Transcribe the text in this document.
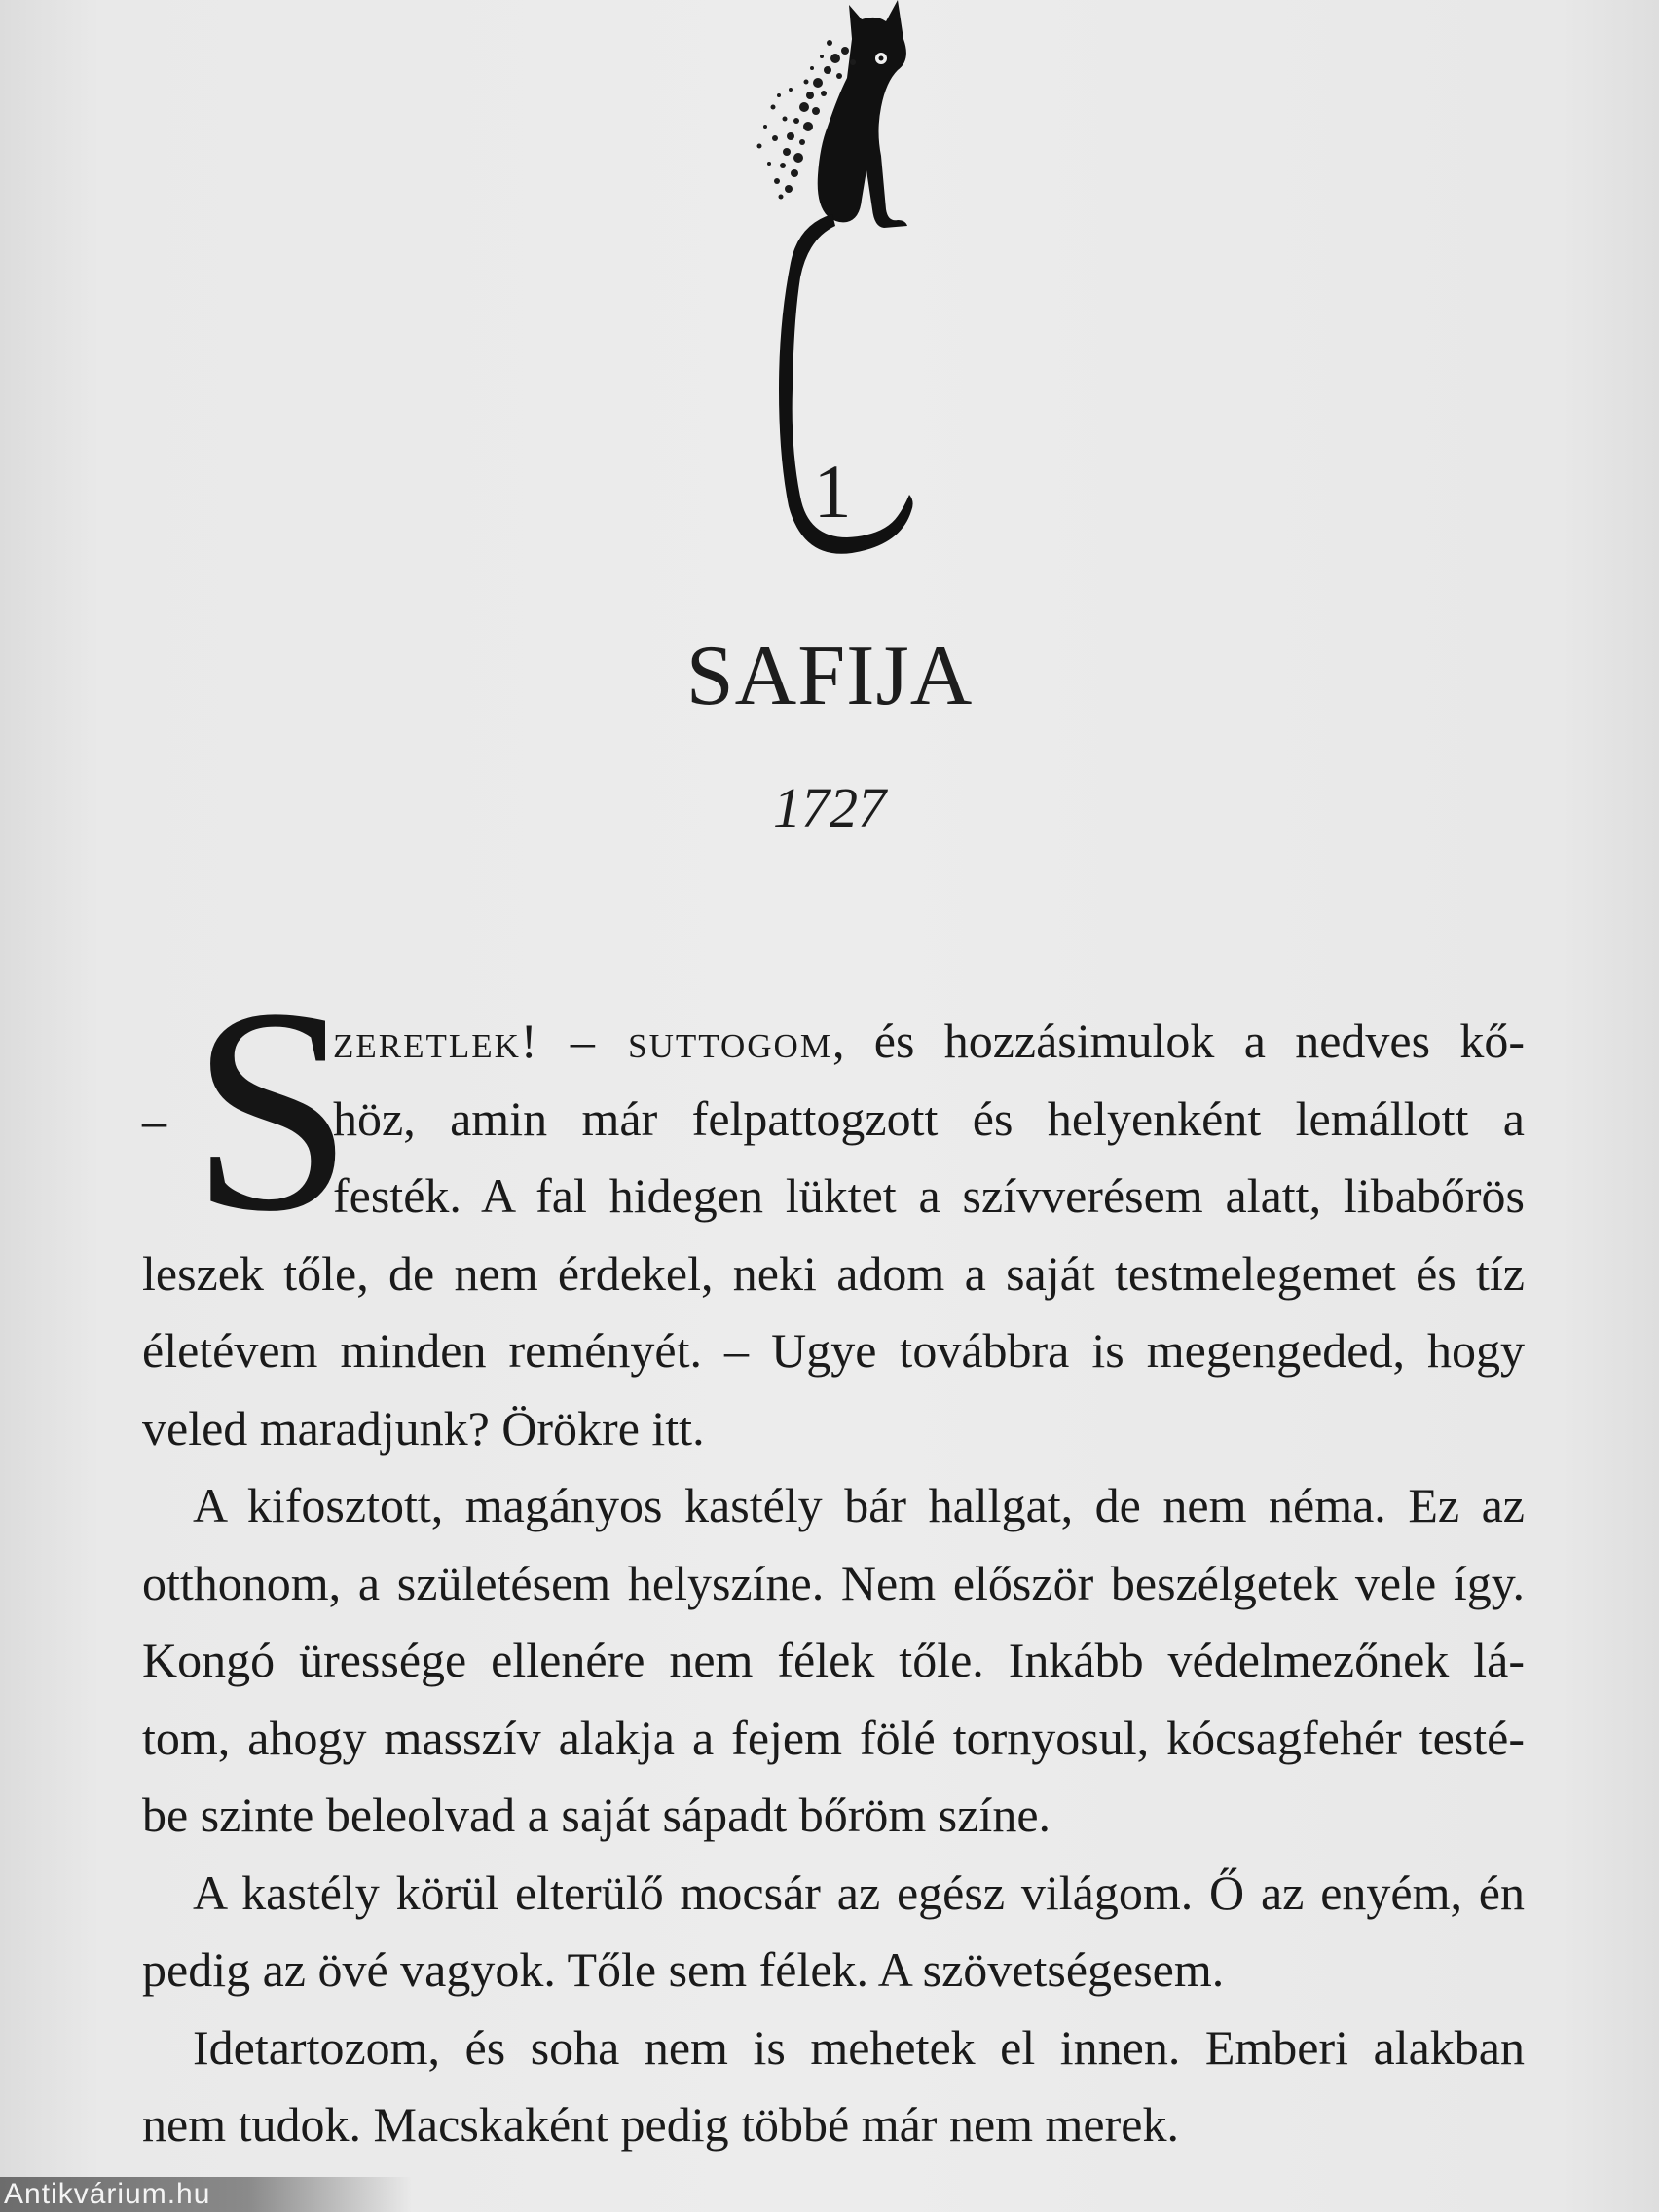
1
SAFIJA
1727
– S
zeretlek! – suttogom, és hozzásimulok a nedves kő-
höz, amin már felpattogzott és helyenként lemállott a
festék. A fal hidegen lüktet a szívverésem alatt, libabőrös
leszek tőle, de nem érdekel, neki adom a saját testmelegemet és tíz
életévem minden reményét. – Ugye továbbra is megengeded, hogy
veled maradjunk? Örökre itt.
A kifosztott, magányos kastély bár hallgat, de nem néma. Ez az
otthonom, a születésem helyszíne. Nem először beszélgetek vele így.
Kongó üressége ellenére nem félek tőle. Inkább védelmezőnek lá-
tom, ahogy masszív alakja a fejem fölé tornyosul, kócsagfehér testé-
be szinte beleolvad a saját sápadt bőröm színe.
A kastély körül elterülő mocsár az egész világom. Ő az enyém, én
pedig az övé vagyok. Tőle sem félek. A szövetségesem.
Idetartozom, és soha nem is mehetek el innen. Emberi alakban
nem tudok. Macskaként pedig többé már nem merek.
Antikvárium.hu
